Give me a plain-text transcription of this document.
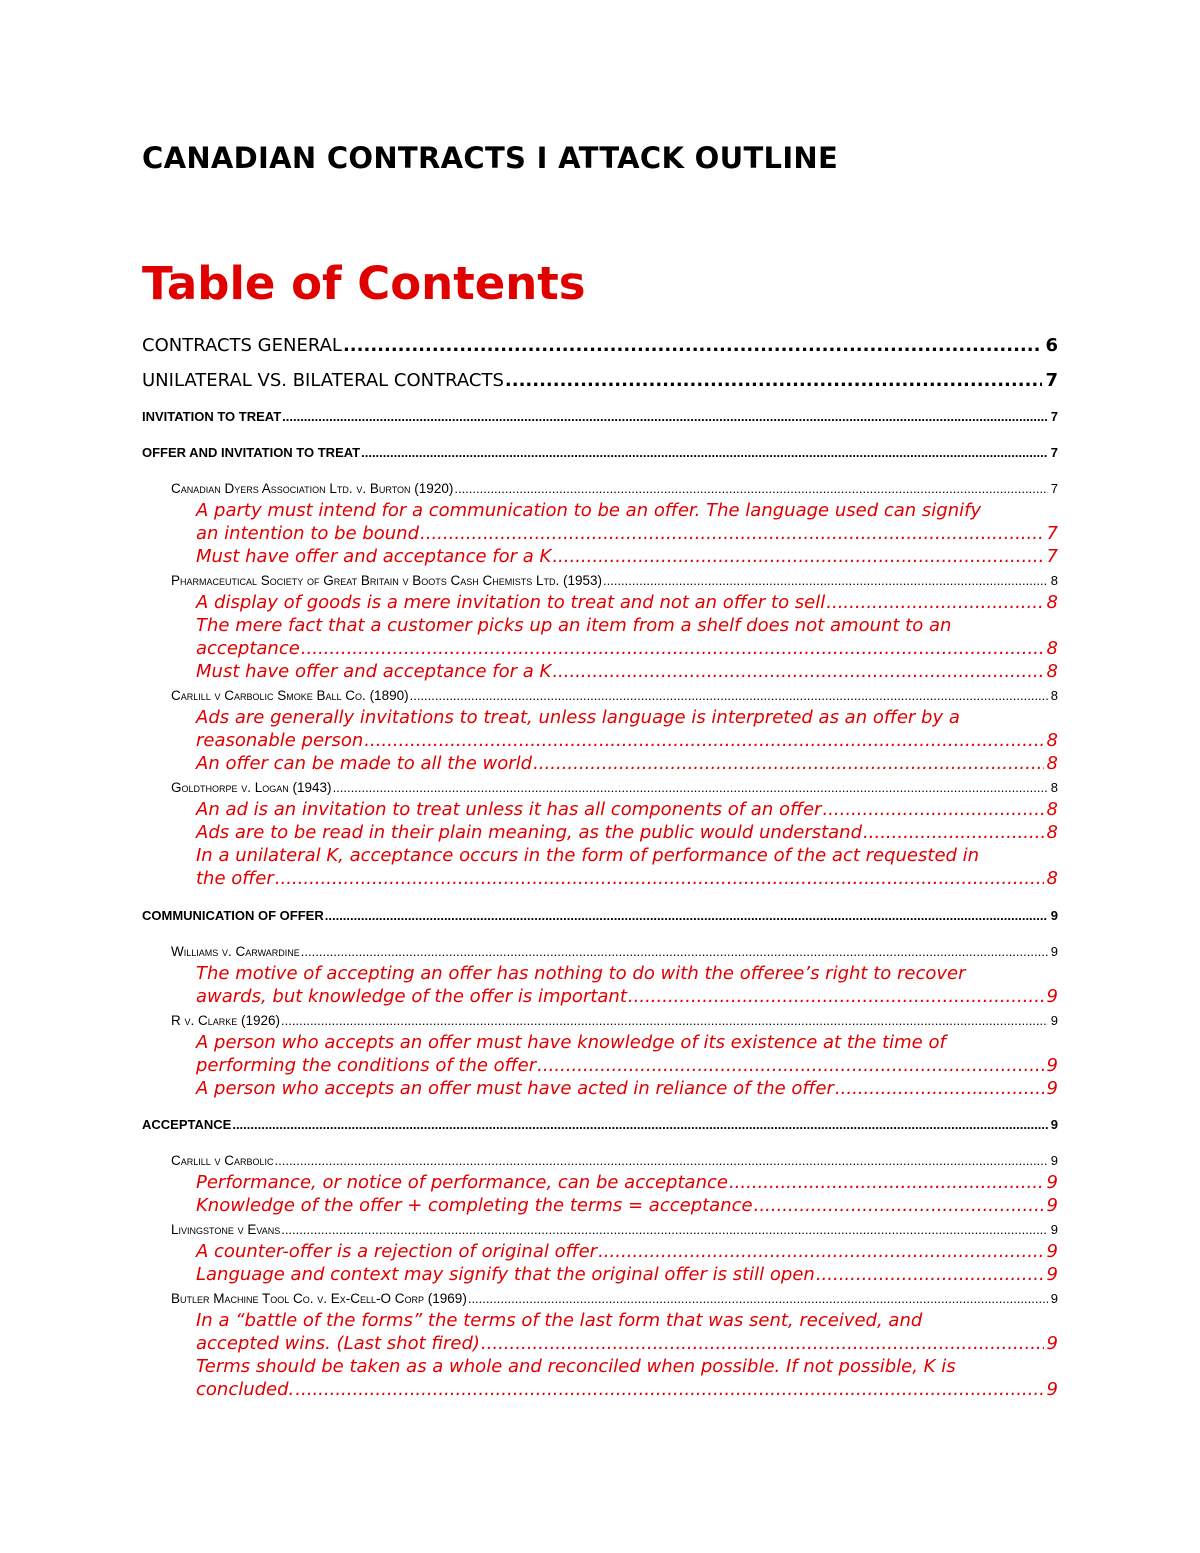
CANADIAN CONTRACTS I ATTACK OUTLINE
Table of Contents
CONTRACTS GENERAL .....	6
UNILATERAL VS. BILATERAL CONTRACTS .....	7
INVITATION TO TREAT .....	7
OFFER AND INVITATION TO TREAT .....	7
Canadian Dyers Association Ltd. v. Burton (1920) .....	7
A party must intend for a communication to be an offer. The language used can signify
an intention to be bound .....	7
Must have offer and acceptance for a K .....	7
Pharmaceutical Society of Great Britain v Boots Cash Chemists Ltd. (1953) .....	8
A display of goods is a mere invitation to treat and not an offer to sell .....	8
The mere fact that a customer picks up an item from a shelf does not amount to an
acceptance .....	8
Must have offer and acceptance for a K .....	8
Carlill v Carbolic Smoke Ball Co. (1890) .....	8
Ads are generally invitations to treat, unless language is interpreted as an offer by a
reasonable person .....	8
An offer can be made to all the world .....	8
Goldthorpe v. Logan (1943) .....	8
An ad is an invitation to treat unless it has all components of an offer .....	8
Ads are to be read in their plain meaning, as the public would understand .....	8
In a unilateral K, acceptance occurs in the form of performance of the act requested in
the offer .....	8
COMMUNICATION OF OFFER .....	9
Williams v. Carwardine .....	9
The motive of accepting an offer has nothing to do with the offeree’s right to recover
awards, but knowledge of the offer is important .....	9
R v. Clarke (1926) .....	9
A person who accepts an offer must have knowledge of its existence at the time of
performing the conditions of the offer .....	9
A person who accepts an offer must have acted in reliance of the offer .....	9
ACCEPTANCE .....	9
Carlill v Carbolic .....	9
Performance, or notice of performance, can be acceptance .....	9
Knowledge of the offer + completing the terms = acceptance .....	9
Livingstone v Evans .....	9
A counter-offer is a rejection of original offer .....	9
Language and context may signify that the original offer is still open .....	9
Butler Machine Tool Co. v. Ex-Cell-O Corp (1969) .....	9
In a “battle of the forms” the terms of the last form that was sent, received, and
accepted wins. (Last shot fired) .....	9
Terms should be taken as a whole and reconciled when possible. If not possible, K is
concluded. .....	9
